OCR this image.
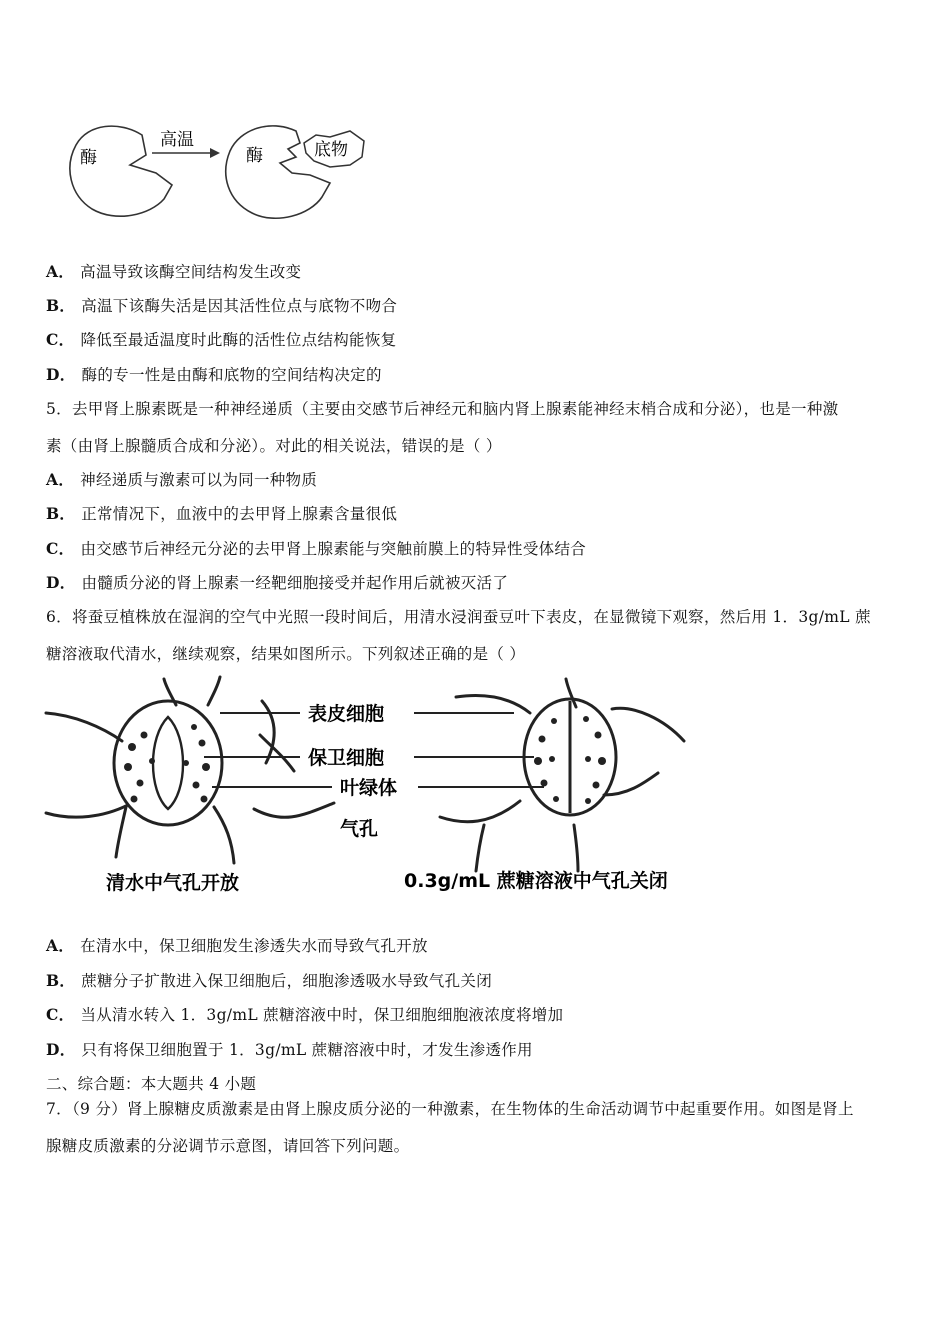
酶
高温
酶	底物
A． 高温导致该酶空间结构发生改变
B． 高温下该酶失活是因其活性位点与底物不吻合
C． 降低至最适温度时此酶的活性位点结构能恢复
D． 酶的专一性是由酶和底物的空间结构决定的
5．去甲肾上腺素既是一种神经递质（主要由交感节后神经元和脑内肾上腺素能神经末梢合成和分泌），也是一种激
素（由肾上腺髓质合成和分泌）。对此的相关说法，错误的是（ ）
A． 神经递质与激素可以为同一种物质
B． 正常情况下，血液中的去甲肾上腺素含量很低
C． 由交感节后神经元分泌的去甲肾上腺素能与突触前膜上的特异性受体结合
D． 由髓质分泌的肾上腺素一经靶细胞接受并起作用后就被灭活了
6．将蚕豆植株放在湿润的空气中光照一段时间后，用清水浸润蚕豆叶下表皮，在显微镜下观察，然后用 1．3g/mL 蔗
糖溶液取代清水，继续观察，结果如图所示。下列叙述正确的是（ ）
表皮细胞
保卫细胞
叶绿体
气孔
清水中气孔开放	0.3g/mL 蔗糖溶液中气孔关闭
A． 在清水中，保卫细胞发生渗透失水而导致气孔开放
B． 蔗糖分子扩散进入保卫细胞后，细胞渗透吸水导致气孔关闭
C． 当从清水转入 1．3g/mL 蔗糖溶液中时，保卫细胞细胞液浓度将增加
D． 只有将保卫细胞置于 1．3g/mL 蔗糖溶液中时，才发生渗透作用
二、综合题：本大题共 4 小题
7．（9 分）肾上腺糖皮质激素是由肾上腺皮质分泌的一种激素，在生物体的生命活动调节中起重要作用。如图是肾上
腺糖皮质激素的分泌调节示意图，请回答下列问题。
